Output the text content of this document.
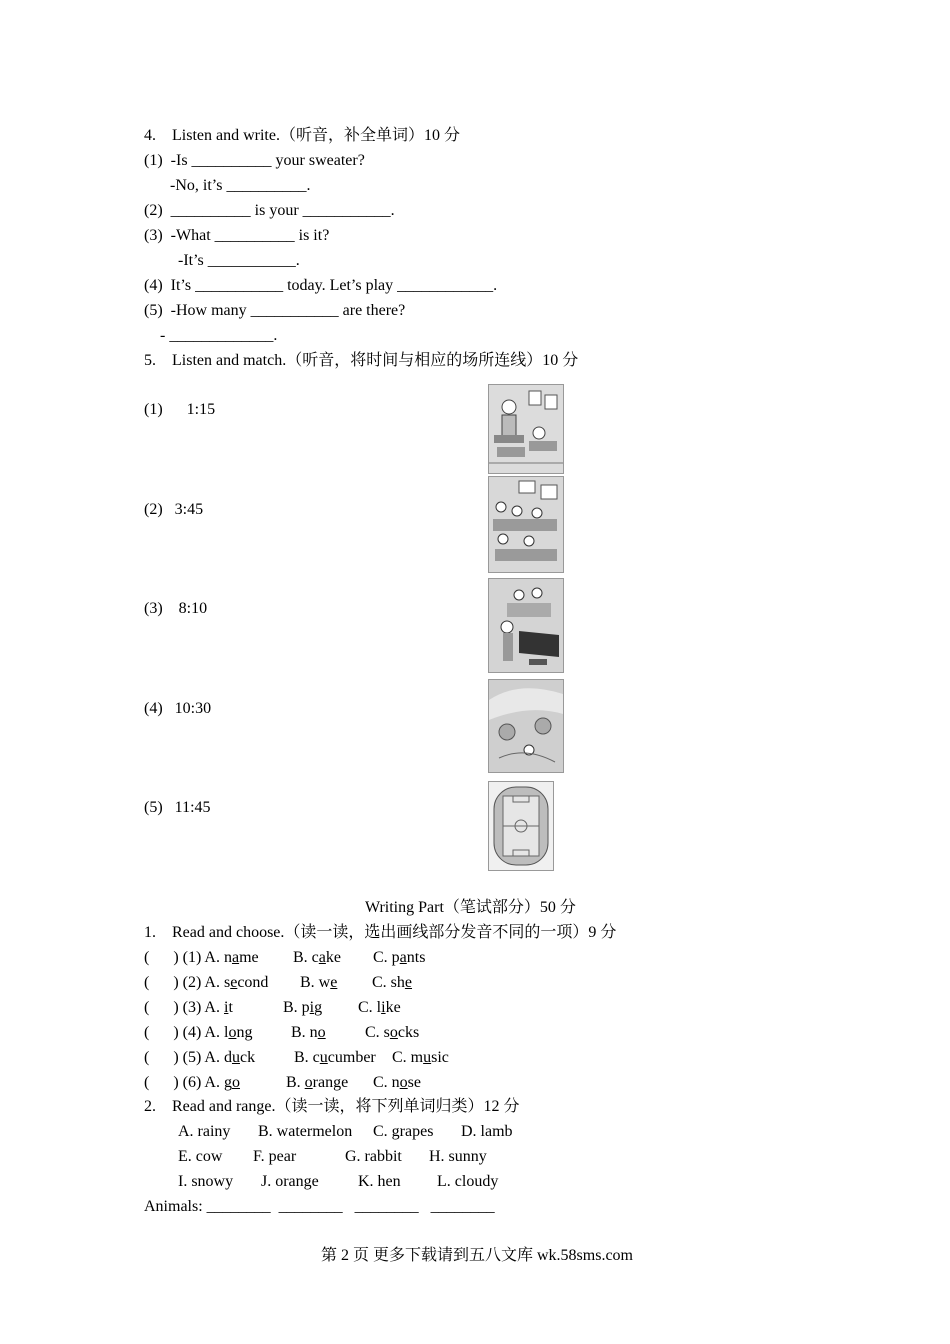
4.    Listen and write.（听音，补全单词）10 分
(1)  -Is __________ your sweater?
-No, it’s __________.
(2)  __________ is your ___________.
(3)  -What __________ is it?
-It’s ___________.
(4)  It’s ___________ today. Let’s play ____________.
(5)  -How many ___________ are there?
- _____________.
5.    Listen and match.（听音，将时间与相应的场所连线）10 分
(1)      1:15
(2)   3:45
(3)    8:10
(4)   10:30
(5)   11:45
Writing Part（笔试部分）50 分
1.    Read and choose.（读一读，选出画线部分发音不同的一项）9 分
(      ) (1) A. name B. cake C. pants
(      ) (2) A. second B. we C. she
(      ) (3) A. it	B. pig C. like
(      ) (4) A. long B. no C. socks
(      ) (5) A. duck B. cucumber C. music
(      ) (6) A. go	B. orange C. nose
2.    Read and range.（读一读，将下列单词归类）12 分
A. rainy B. watermelon C. grapes D. lamb
E. cow F. pear	G. rabbit H. sunny
I. snowy J. orange K. hen L. cloudy
Animals: ________  ________   ________   ________
第 2 页 更多下载请到五八文库 wk.58sms.com
